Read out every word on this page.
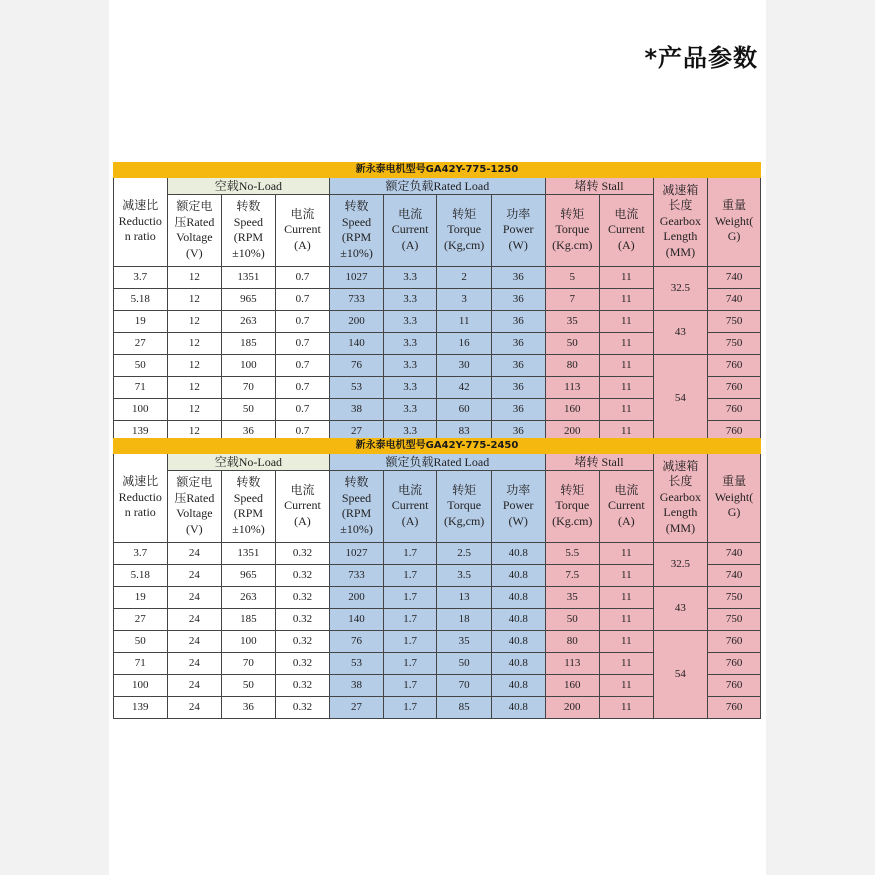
*产品参数
新永泰电机型号GA42Y-775-1250											
减速比
Reductio
n ratio	空载No-Load			额定负载Rated Load				堵转 Stall		减速箱
长度
Gearbox
Length
(MM)	重量
Weight(
G)
	额定电
压Rated
Voltage
(V)	转数
Speed
(RPM
±10%)	电流
Current
(A)	转数
Speed
(RPM
±10%)	电流
Current
(A)	转矩
Torque
(Kg,cm)	功率
Power
(W)	转矩
Torque
(Kg.cm)	电流
Current
(A)		
3.7	12	1351	0.7	1027	3.3	2	36	5	11	32.5	740
5.18	12	965	0.7	733	3.3	3	36	7	11		740
19	12	263	0.7	200	3.3	11	36	35	11	43	750
27	12	185	0.7	140	3.3	16	36	50	11		750
50	12	100	0.7	76	3.3	30	36	80	11	54	760
71	12	70	0.7	53	3.3	42	36	113	11		760
100	12	50	0.7	38	3.3	60	36	160	11		760
139	12	36	0.7	27	3.3	83	36	200	11		760
新永泰电机型号GA42Y-775-2450											
减速比
Reductio
n ratio	空载No-Load			额定负载Rated Load				堵转 Stall		减速箱
长度
Gearbox
Length
(MM)	重量
Weight(
G)
	额定电
压Rated
Voltage
(V)	转数
Speed
(RPM
±10%)	电流
Current
(A)	转数
Speed
(RPM
±10%)	电流
Current
(A)	转矩
Torque
(Kg,cm)	功率
Power
(W)	转矩
Torque
(Kg.cm)	电流
Current
(A)		
3.7	24	1351	0.32	1027	1.7	2.5	40.8	5.5	11	32.5	740
5.18	24	965	0.32	733	1.7	3.5	40.8	7.5	11		740
19	24	263	0.32	200	1.7	13	40.8	35	11	43	750
27	24	185	0.32	140	1.7	18	40.8	50	11		750
50	24	100	0.32	76	1.7	35	40.8	80	11	54	760
71	24	70	0.32	53	1.7	50	40.8	113	11		760
100	24	50	0.32	38	1.7	70	40.8	160	11		760
139	24	36	0.32	27	1.7	85	40.8	200	11		760
